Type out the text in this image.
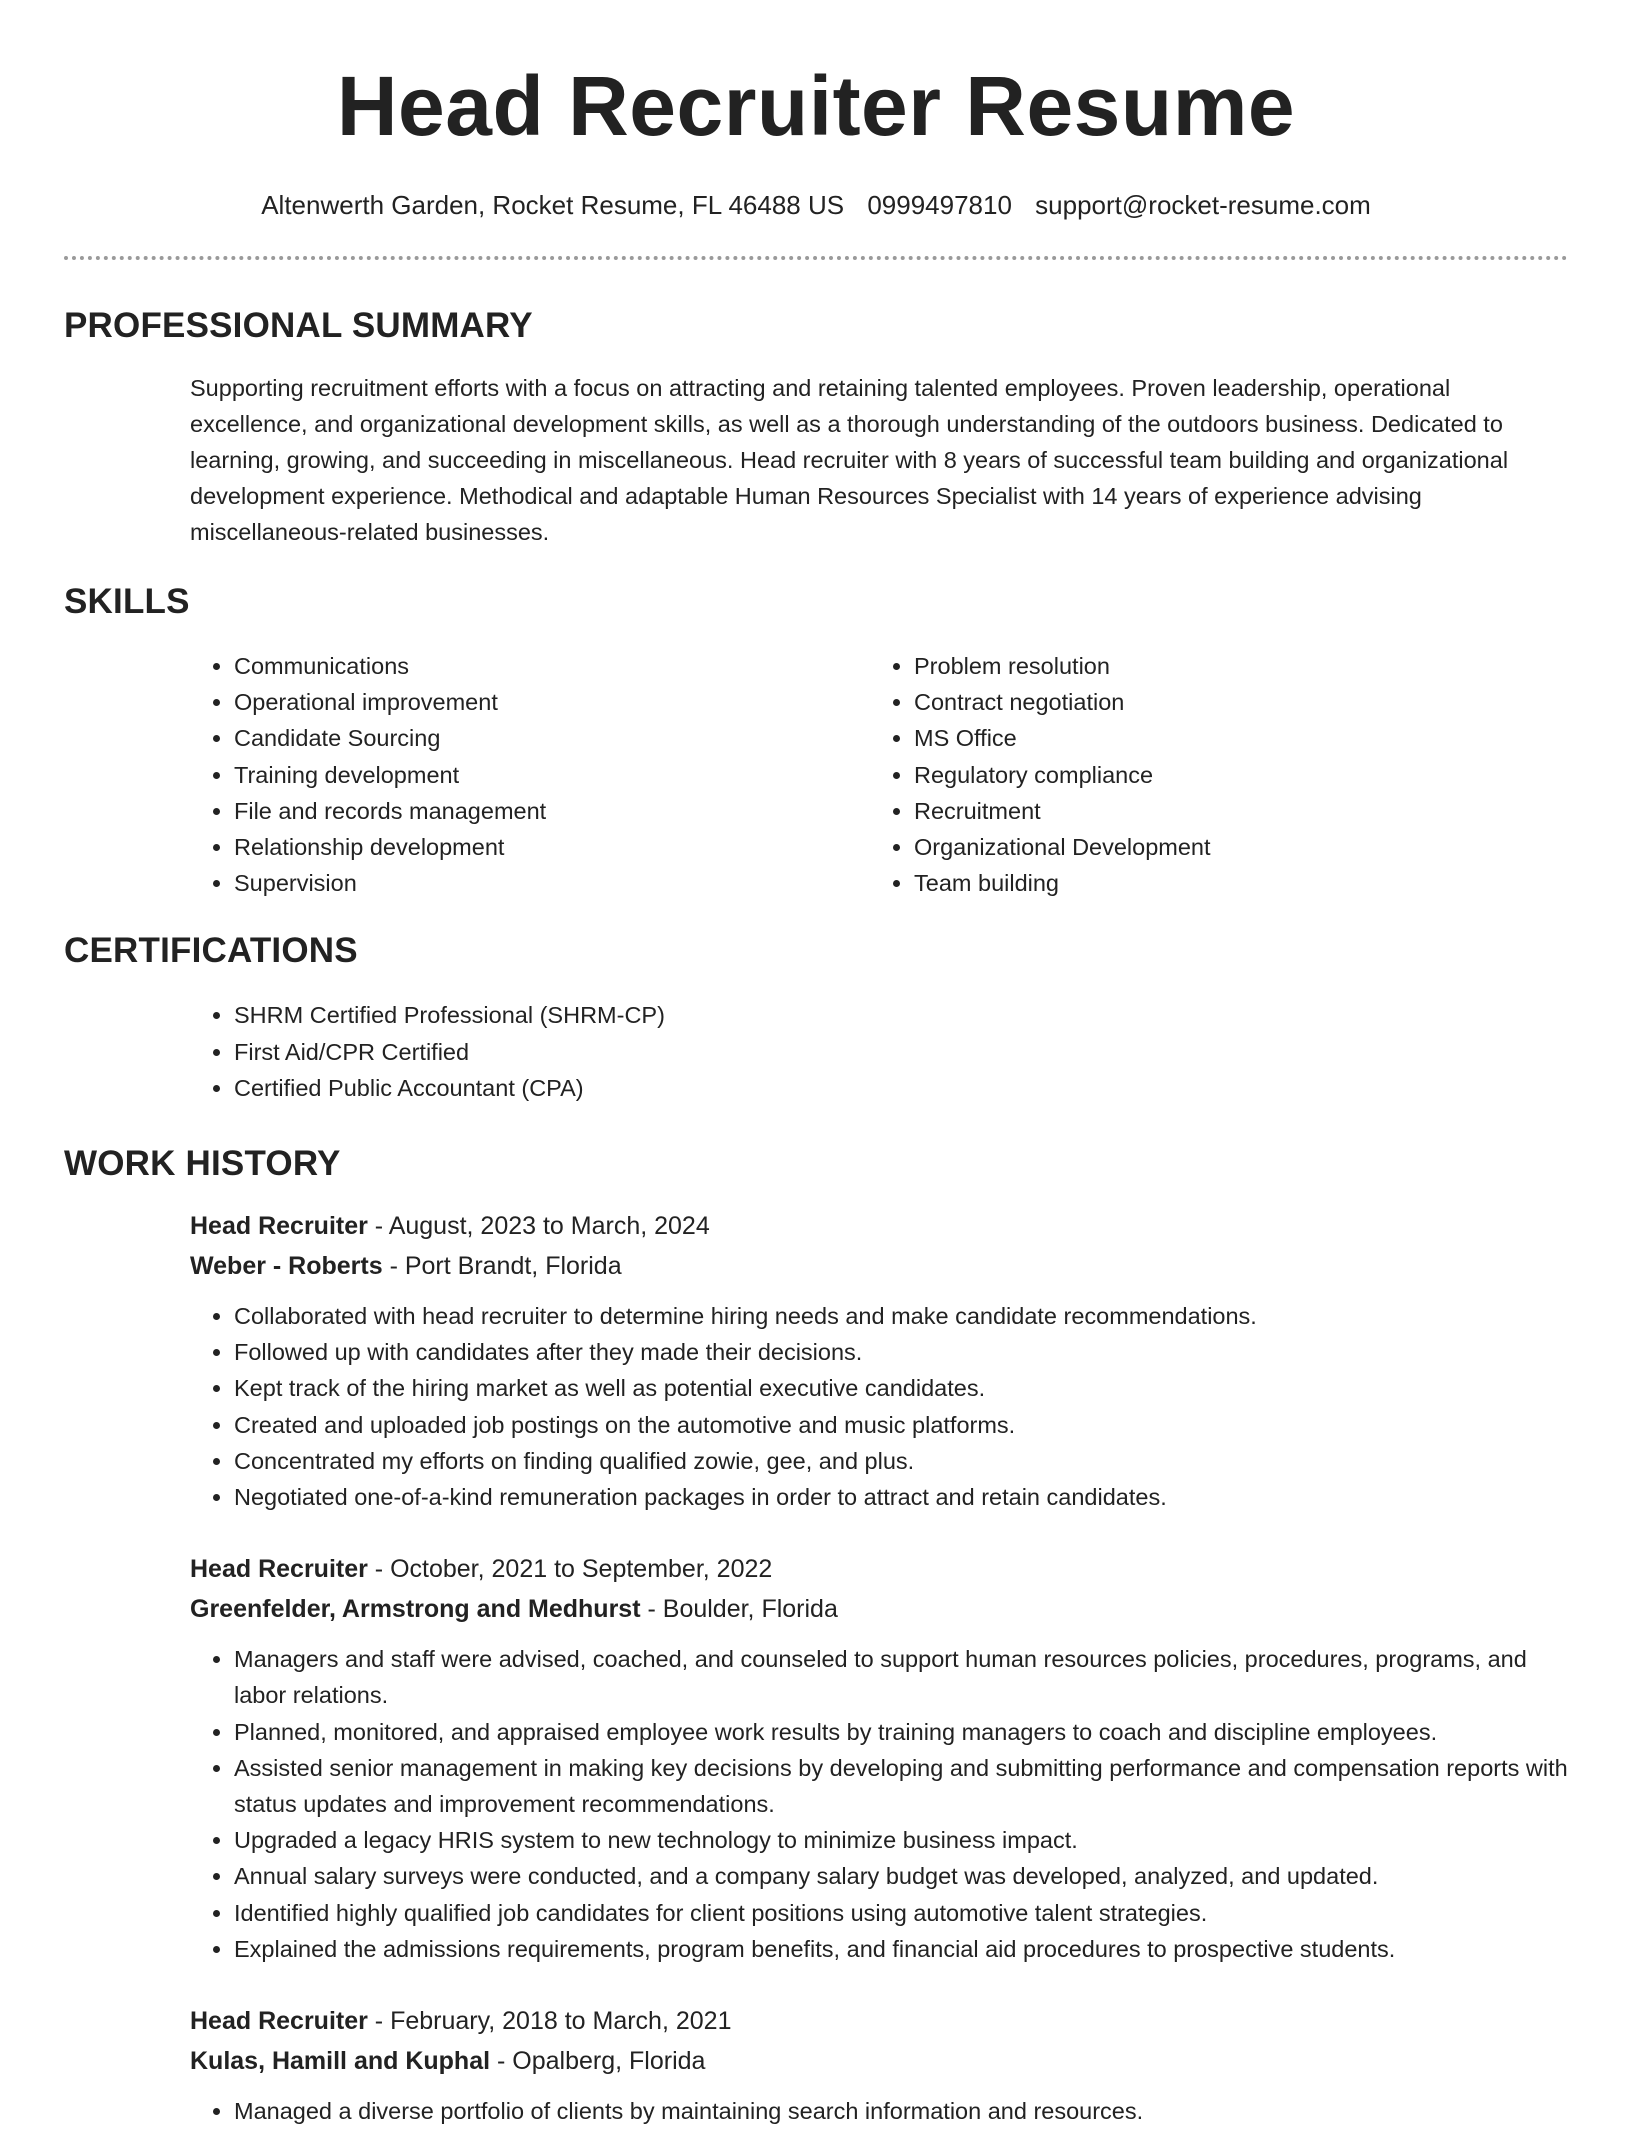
Head Recruiter Resume
Altenwerth Garden, Rocket Resume, FL 46488 US 0999497810 support@rocket-resume.com
PROFESSIONAL SUMMARY

Supporting recruitment efforts with a focus on attracting and retaining talented employees. Proven leadership, operational excellence, and organizational development skills, as well as a thorough understanding of the outdoors business. Dedicated to learning, growing, and succeeding in miscellaneous. Head recruiter with 8 years of successful team building and organizational development experience. Methodical and adaptable Human Resources Specialist with 14 years of experience advising miscellaneous-related businesses.

SKILLS
• Communications
• Operational improvement
• Candidate Sourcing
• Training development
• File and records management
• Relationship development
• Supervision
• Problem resolution
• Contract negotiation
• MS Office
• Regulatory compliance
• Recruitment
• Organizational Development
• Team building
CERTIFICATIONS
• SHRM Certified Professional (SHRM-CP)
• First Aid/CPR Certified
• Certified Public Accountant (CPA)
WORK HISTORY
Head Recruiter - August, 2023 to March, 2024
Weber - Roberts - Port Brandt, Florida
• Collaborated with head recruiter to determine hiring needs and make candidate recommendations.
• Followed up with candidates after they made their decisions.
• Kept track of the hiring market as well as potential executive candidates.
• Created and uploaded job postings on the automotive and music platforms.
• Concentrated my efforts on finding qualified zowie, gee, and plus.
• Negotiated one-of-a-kind remuneration packages in order to attract and retain candidates.
Head Recruiter - October, 2021 to September, 2022
Greenfelder, Armstrong and Medhurst - Boulder, Florida
• Managers and staff were advised, coached, and counseled to support human resources policies, procedures, programs, and labor relations.
• Planned, monitored, and appraised employee work results by training managers to coach and discipline employees.
• Assisted senior management in making key decisions by developing and submitting performance and compensation reports with status updates and improvement recommendations.
• Upgraded a legacy HRIS system to new technology to minimize business impact.
• Annual salary surveys were conducted, and a company salary budget was developed, analyzed, and updated.
• Identified highly qualified job candidates for client positions using automotive talent strategies.
• Explained the admissions requirements, program benefits, and financial aid procedures to prospective students.
Head Recruiter - February, 2018 to March, 2021
Kulas, Hamill and Kuphal - Opalberg, Florida
• Managed a diverse portfolio of clients by maintaining search information and resources.
